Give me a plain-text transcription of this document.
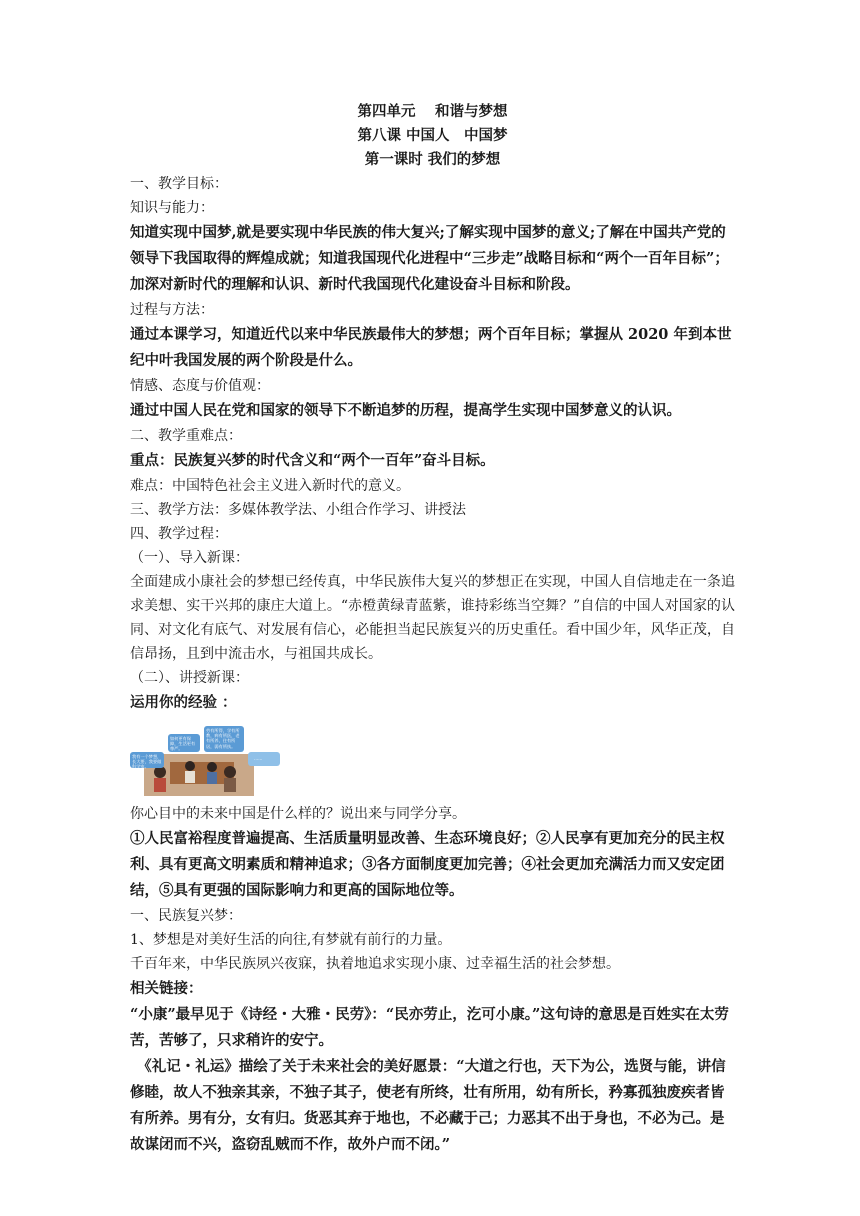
第四单元　 和谐与梦想
第八课 中国人　中国梦
第一课时 我们的梦想
一、教学目标：
知识与能力：
知道实现中国梦,就是要实现中华民族的伟大复兴;了解实现中国梦的意义;了解在中国共产党的领导下我国取得的辉煌成就；知道我国现代化进程中“三步走”战略目标和“两个一百年目标”；加深对新时代的理解和认识、新时代我国现代化建设奋斗目标和阶段。
过程与方法：
通过本课学习，知道近代以来中华民族最伟大的梦想；两个百年目标；掌握从 2020 年到本世纪中叶我国发展的两个阶段是什么。
情感、态度与价值观：
通过中国人民在党和国家的领导下不断追梦的历程，提高学生实现中国梦意义的认识。
二、教学重难点：
重点：民族复兴梦的时代含义和“两个一百年”奋斗目标。
难点：中国特色社会主义进入新时代的意义。
三、教学方法：多媒体教学法、小组合作学习、讲授法
四、教学过程：
（一）、导入新课：
全面建成小康社会的梦想已经传真，中华民族伟大复兴的梦想正在实现，中国人自信地走在一条追求美想、实干兴邦的康庄大道上。“赤橙黄绿青蓝紫，谁持彩练当空舞？”自信的中国人对国家的认同、对文化有底气、对发展有信心，必能担当起民族复兴的历史重任。看中国少年，风华正茂，自信昂扬，且到中流击水，与祖国共成长。
（二）、讲授新课：
运用你的经验 ：
我有一个梦想，长大要，我要做科学家。
如何更有保障，生活更有尊严。
劳有所得，学有所教，病有所医，老有所养，住有所居，弱有所扶。
……
你心目中的未来中国是什么样的？说出来与同学分享。
①人民富裕程度普遍提高、生活质量明显改善、生态环境良好；②人民享有更加充分的民主权利、具有更高文明素质和精神追求；③各方面制度更加完善；④社会更加充满活力而又安定团结，⑤具有更强的国际影响力和更高的国际地位等。
一、民族复兴梦：
1、梦想是对美好生活的向往,有梦就有前行的力量。
千百年来，中华民族夙兴夜寐，执着地追求实现小康、过幸福生活的社会梦想。
相关链接：
“小康”最早见于《诗经・大雅・民劳》：“民亦劳止，汔可小康。”这句诗的意思是百姓实在太劳苦，苦够了，只求稍许的安宁。
《礼记・礼运》描绘了关于未来社会的美好愿景：“大道之行也，天下为公，选贤与能，讲信修睦，故人不独亲其亲，不独子其子，使老有所终，壮有所用，幼有所长，矜寡孤独废疾者皆有所养。男有分，女有归。货恶其弃于地也，不必藏于己；力恶其不出于身也，不必为己。是故谋闭而不兴，盗窃乱贼而不作，故外户而不闭。”
